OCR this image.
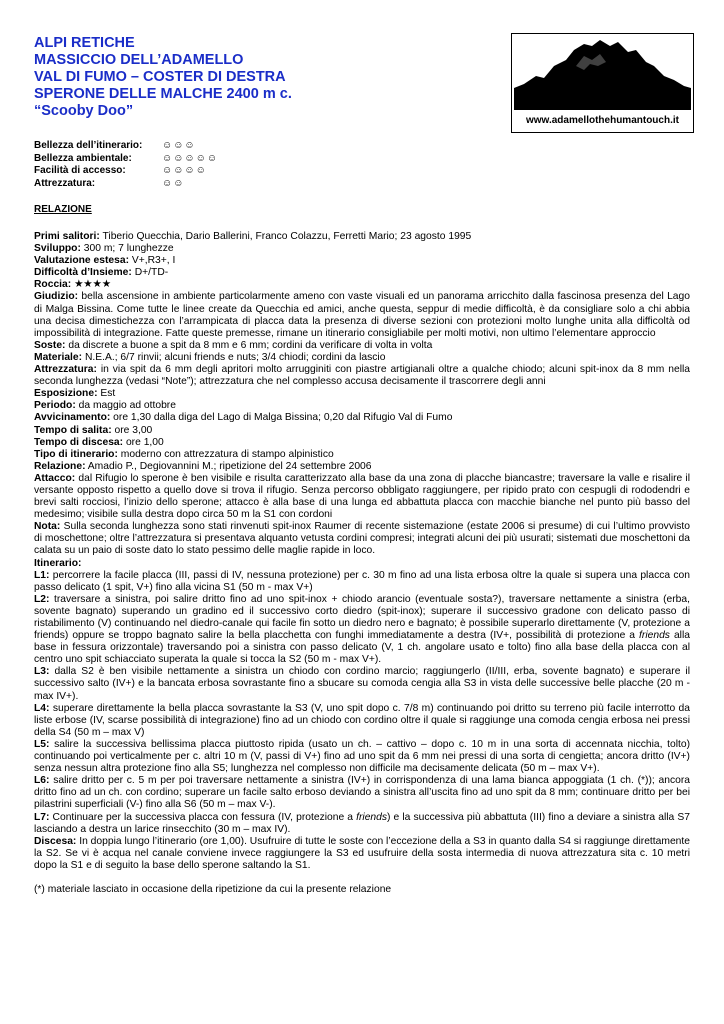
ALPI RETICHE
MASSICCIO DELL’ADAMELLO
VAL DI FUMO – COSTER DI DESTRA
SPERONE DELLE MALCHE 2400 m c.
“Scooby Doo”
www.adamellothehumantouch.it
Bellezza dell’itinerario:	☺☺☺
Bellezza ambientale:	☺☺☺☺☺
Facilità di accesso:	☺☺☺☺
Attrezzatura:	☺☺
RELAZIONE

Primi salitori: Tiberio Quecchia, Dario Ballerini, Franco Colazzu, Ferretti Mario; 23 agosto 1995

Sviluppo: 300 m; 7 lunghezze

Valutazione estesa: V+,R3+, I

Difficoltà d’Insieme: D+/TD-

Roccia: ★★★★

Giudizio: bella ascensione in ambiente particolarmente ameno con vaste visuali ed un panorama arricchito dalla fascinosa presenza del Lago di Malga Bissina. Come tutte le linee create da Quecchia ed amici, anche questa, seppur di medie difficoltà, è da consigliare solo a chi abbia una decisa dimestichezza con l’arrampicata di placca data la presenza di diverse sezioni con protezioni molto lunghe unita alla difficoltà od impossibilità di integrazione. Fatte queste premesse, rimane un itinerario consigliabile per molti motivi, non ultimo l’elementare approccio

Soste: da discrete a buone a spit da 8 mm e 6 mm; cordini da verificare di volta in volta

Materiale: N.E.A.; 6/7 rinvii; alcuni friends e nuts; 3/4 chiodi; cordini da lascio

Attrezzatura: in via spit da 6 mm degli apritori molto arrugginiti con piastre artigianali oltre a qualche chiodo; alcuni spit-inox da 8 mm nella seconda lunghezza (vedasi “Note”); attrezzatura che nel complesso accusa decisamente il trascorrere degli anni

Esposizione: Est

Periodo: da maggio ad ottobre

Avvicinamento: ore 1,30 dalla diga del Lago di Malga Bissina; 0,20 dal Rifugio Val di Fumo

Tempo di salita: ore 3,00

Tempo di discesa: ore 1,00

Tipo di itinerario: moderno con attrezzatura di stampo alpinistico

Relazione: Amadio P., Degiovannini M.; ripetizione del 24 settembre 2006

Attacco: dal Rifugio lo sperone è ben visibile e risulta caratterizzato alla base da una zona di placche biancastre; traversare la valle e risalire il versante opposto rispetto a quello dove si trova il rifugio. Senza percorso obbligato raggiungere, per ripido prato con cespugli di rododendri e brevi salti rocciosi, l’inizio dello sperone; attacco è alla base di una lunga ed abbattuta placca con macchie bianche nel punto più basso del medesimo; visibile sulla destra dopo circa 50 m la S1 con cordoni

Nota: Sulla seconda lunghezza sono stati rinvenuti spit-inox Raumer di recente sistemazione (estate 2006 si presume) di cui l’ultimo provvisto di moschettone; oltre l’attrezzatura si presentava alquanto vetusta cordini compresi; integrati alcuni dei più usurati; sistemati due moschettoni da calata su un paio di soste dato lo stato pessimo delle maglie rapide in loco.

Itinerario:

L1: percorrere la facile placca (III, passi di IV, nessuna protezione) per c. 30 m fino ad una lista erbosa oltre la quale si supera una placca con passo delicato (1 spit, V+) fino alla vicina S1 (50 m - max V+)

L2: traversare a sinistra, poi salire dritto fino ad uno spit-inox + chiodo arancio (eventuale sosta?), traversare nettamente a sinistra (erba, sovente bagnato) superando un gradino ed il successivo corto diedro (spit-inox); superare il successivo gradone con delicato passo di ristabilimento (V) continuando nel diedro-canale qui facile fin sotto un diedro nero e bagnato; è possibile superarlo direttamente (V, protezione a friends) oppure se troppo bagnato salire la bella placchetta con funghi immediatamente a destra (IV+, possibilità di protezione a friends alla base in fessura orizzontale) traversando poi a sinistra con passo delicato (V, 1 ch. angolare usato e tolto) fino alla base della placca con al centro uno spit schiacciato superata la quale si tocca la S2 (50 m - max V+).

L3: dalla S2 è ben visibile nettamente a sinistra un chiodo con cordino marcio; raggiungerlo (II/III, erba, sovente bagnato) e superare il successivo salto (IV+) e la bancata erbosa sovrastante fino a sbucare su comoda cengia alla S3 in vista delle successive belle placche (20 m - max IV+).

L4: superare direttamente la bella placca sovrastante la S3 (V, uno spit dopo c. 7/8 m) continuando poi dritto su terreno più facile interrotto da liste erbose (IV, scarse possibilità di integrazione) fino ad un chiodo con cordino oltre il quale si raggiunge una comoda cengia erbosa nei pressi della S4 (50 m – max V)

L5: salire la successiva bellissima placca piuttosto ripida (usato un ch. – cattivo – dopo c. 10 m in una sorta di accennata nicchia, tolto) continuando poi verticalmente per c. altri 10 m (V, passi di V+) fino ad uno spit da 6 mm nei pressi di una sorta di cengietta; ancora dritto (IV+) senza nessun altra protezione fino alla S5; lunghezza nel complesso non difficile ma decisamente delicata (50 m – max V+).

L6: salire dritto per c. 5 m per poi traversare nettamente a sinistra (IV+) in corrispondenza di una lama bianca appoggiata (1 ch. (*)); ancora dritto fino ad un ch. con cordino; superare un facile salto erboso deviando a sinistra all’uscita fino ad uno spit da 8 mm; continuare dritto per bei pilastrini superficiali (V-) fino alla S6 (50 m – max V-).

L7: Continuare per la successiva placca con fessura (IV, protezione a friends) e la successiva più abbattuta (III) fino a deviare a sinistra alla S7 lasciando a destra un larice rinsecchito (30 m – max IV).

Discesa: In doppia lungo l’itinerario (ore 1,00). Usufruire di tutte le soste con l’eccezione della a S3 in quanto dalla S4 si raggiunge direttamente la S2. Se vi è acqua nel canale conviene invece raggiungere la S3 ed usufruire della sosta intermedia di nuova attrezzatura sita c. 10 metri dopo la S1 e di seguito la base dello sperone saltando la S1.

(*) materiale lasciato in occasione della ripetizione da cui la presente relazione
